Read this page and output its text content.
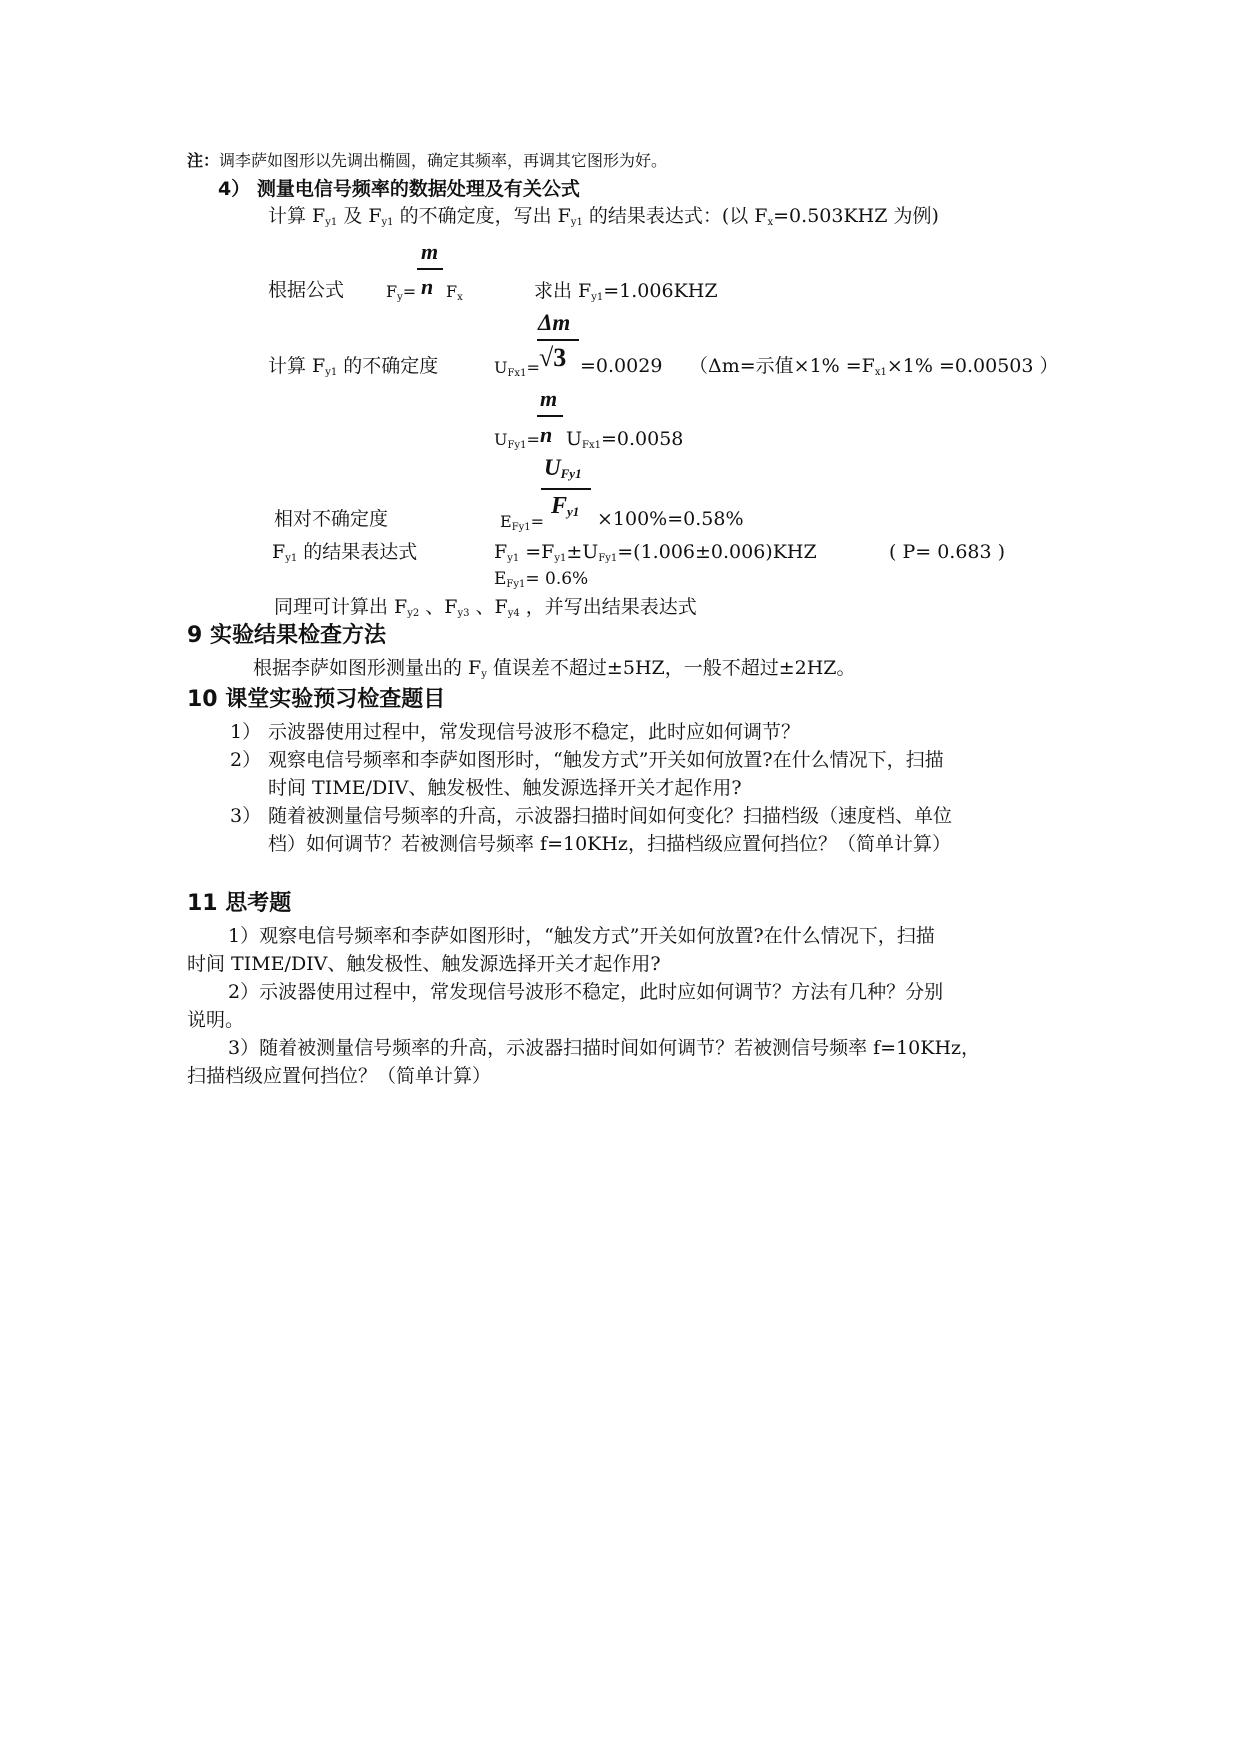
注：调李萨如图形以先调出椭圆，确定其频率，再调其它图形为好。
4） 测量电信号频率的数据处理及有关公式
计算 $F_{y1}$ 及 $F_{y1}$ 的不确定度，写出 $F_{y1}$ 的结果表达式：(以 $F_x=0.503KHZ$ 为例)
m
根据公式	$F_y= n$ $F_x$	求出 $F_{y1}=1.006KHZ$
Δm
计算 $F_{y1}$ 的不确定度	$U_{Fx1}= √3 =0.0029$ （Δm=示值$\times 1\% =F_{x1}\times 1\% =0.00503$ ）
m
$U_{Fy1}= n$ $U_{Fx1}=0.0058$
$U_{Fy1}$
相对不确定度	$E_{Fy1}=$
$F_{y1} \times 100\%=0.58\%$
$F_{y1}$ 的结果表达式	$F_{y1} =F_{y1}\pm U_{Fy1}=(1.006\pm 0.006)KHZ$	( P= 0.683 )
$E_{Fy1}= 0.6\%$
同理可计算出 $F_{y2}$ 、$F_{y3}$ 、$F_{y4}$ ，并写出结果表达式
9 实验结果检查方法
根据李萨如图形测量出的 $F_y$ 值误差不超过±5HZ，一般不超过±2HZ。
10 课堂实验预习检查题目
1） 示波器使用过程中，常发现信号波形不稳定，此时应如何调节？
2） 观察电信号频率和李萨如图形时，“触发方式”开关如何放置?在什么情况下，扫描
时间 TIME/DIV、触发极性、触发源选择开关才起作用?
3） 随着被测量信号频率的升高，示波器扫描时间如何变化？扫描档级（速度档、单位
档）如何调节？若被测信号频率 f=10KHz，扫描档级应置何挡位？（简单计算）
11 思考题
1）观察电信号频率和李萨如图形时，“触发方式”开关如何放置?在什么情况下，扫描
时间 TIME/DIV、触发极性、触发源选择开关才起作用?
2）示波器使用过程中，常发现信号波形不稳定，此时应如何调节？方法有几种？分别
说明。
3）随着被测量信号频率的升高，示波器扫描时间如何调节？若被测信号频率 f=10KHz，
扫描档级应置何挡位？（简单计算）
